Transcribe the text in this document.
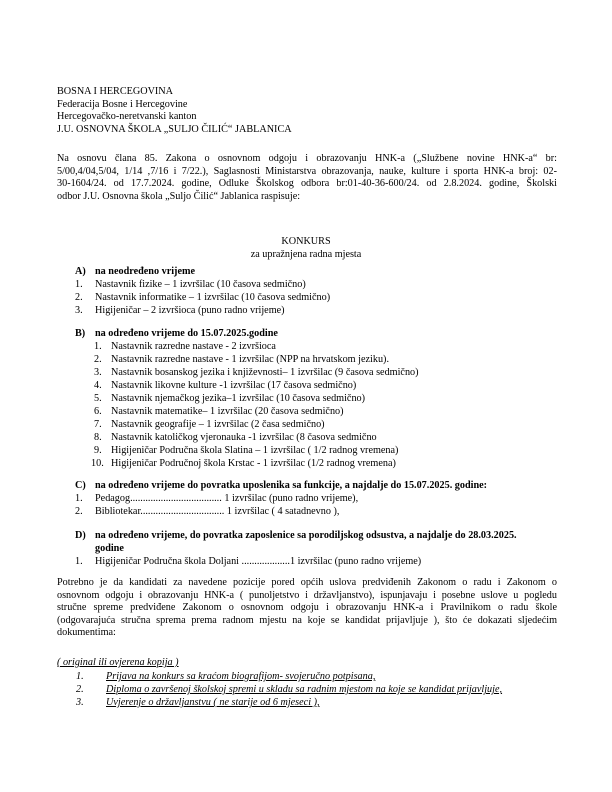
BOSNA I HERCEGOVINA
Federacija Bosne i Hercegovine
Hercegovačko-neretvanski kanton
J.U. OSNOVNA ŠKOLA „SULJO ČILIĆ“ JABLANICA
Na osnovu člana 85. Zakona o osnovnom odgoju i obrazovanju HNK-a („Službene novine HNK-a“ br:
5/00,4/04,5/04, 1/14 ,7/16 i 7/22.), Saglasnosti Ministarstva obrazovanja, nauke, kulture i sporta HNK-a broj: 02-
30-1604/24. od 17.7.2024. godine, Odluke Školskog odbora br:01-40-36-600/24. od 2.8.2024. godine, Školski
odbor J.U. Osnovna škola „Suljo Čilić“ Jablanica raspisuje:
KONKURS
za upražnjena radna mjesta
A) na neodređeno vrijeme
1. Nastavnik fizike – 1 izvršilac (10 časova sedmično)
2. Nastavnik informatike – 1 izvršilac (10 časova sedmično)
3. Higijeničar – 2 izvršioca (puno radno vrijeme)
B) na određeno vrijeme do 15.07.2025.godine
1. Nastavnik razredne nastave - 2 izvršioca
2. Nastavnik razredne nastave - 1 izvršilac (NPP na hrvatskom jeziku).
3. Nastavnik bosanskog jezika i književnosti– 1 izvršilac (9 časova sedmično)
4. Nastavnik likovne kulture -1 izvršilac (17 časova sedmično)
5. Nastavnik njemačkog jezika–1 izvršilac (10 časova sedmično)
6. Nastavnik matematike– 1 izvršilac (20 časova sedmično)
7. Nastavnik geografije – 1 izvršilac (2 časa sedmično)
8. Nastavnik katoličkog vjeronauka -1 izvršilac (8 časova sedmično
9. Higijeničar Područna škola Slatina – 1 izvršilac ( 1/2 radnog vremena)
10. Higijeničar Područnoj škola Krstac - 1 izvršilac (1/2 radnog vremena)
C) na određeno vrijeme do povratka uposlenika sa funkcije, a najdalje do 15.07.2025. godine:
1. Pedagog.................................... 1 izvršilac (puno radno vrijeme),
2. Bibliotekar................................. 1 izvršilac ( 4 satadnevno ),
D) na određeno vrijeme, do povratka zaposlenice sa porodiljskog odsustva, a najdalje do 28.03.2025.
godine
1. Higijeničar Područna škola Doljani ...................1 izvršilac (puno radno vrijeme)
Potrebno je da kandidati za navedene pozicije pored općih uslova predviđenih Zakonom o radu i Zakonom o
osnovnom odgoju i obrazovanju HNK-a ( punoljetstvo i državljanstvo), ispunjavaju i posebne uslove u pogledu
stručne spreme predviđene Zakonom o osnovnom odgoju i obrazovanju HNK-a i Pravilnikom o radu škole
(odgovarajuća stručna sprema prema radnom mjestu na koje se kandidat prijavljuje ), što će dokazati sljedećim
dokumentima:
( original ili ovjerena kopija )
1. Prijava na konkurs sa kraćom biografijom- svojeručno potpisana,
2. Diploma o završenoj školskoj spremi u skladu sa radnim mjestom na koje se kandidat prijavljuje,
3. Uvjerenje o državljanstvu ( ne starije od 6 mjeseci ),
